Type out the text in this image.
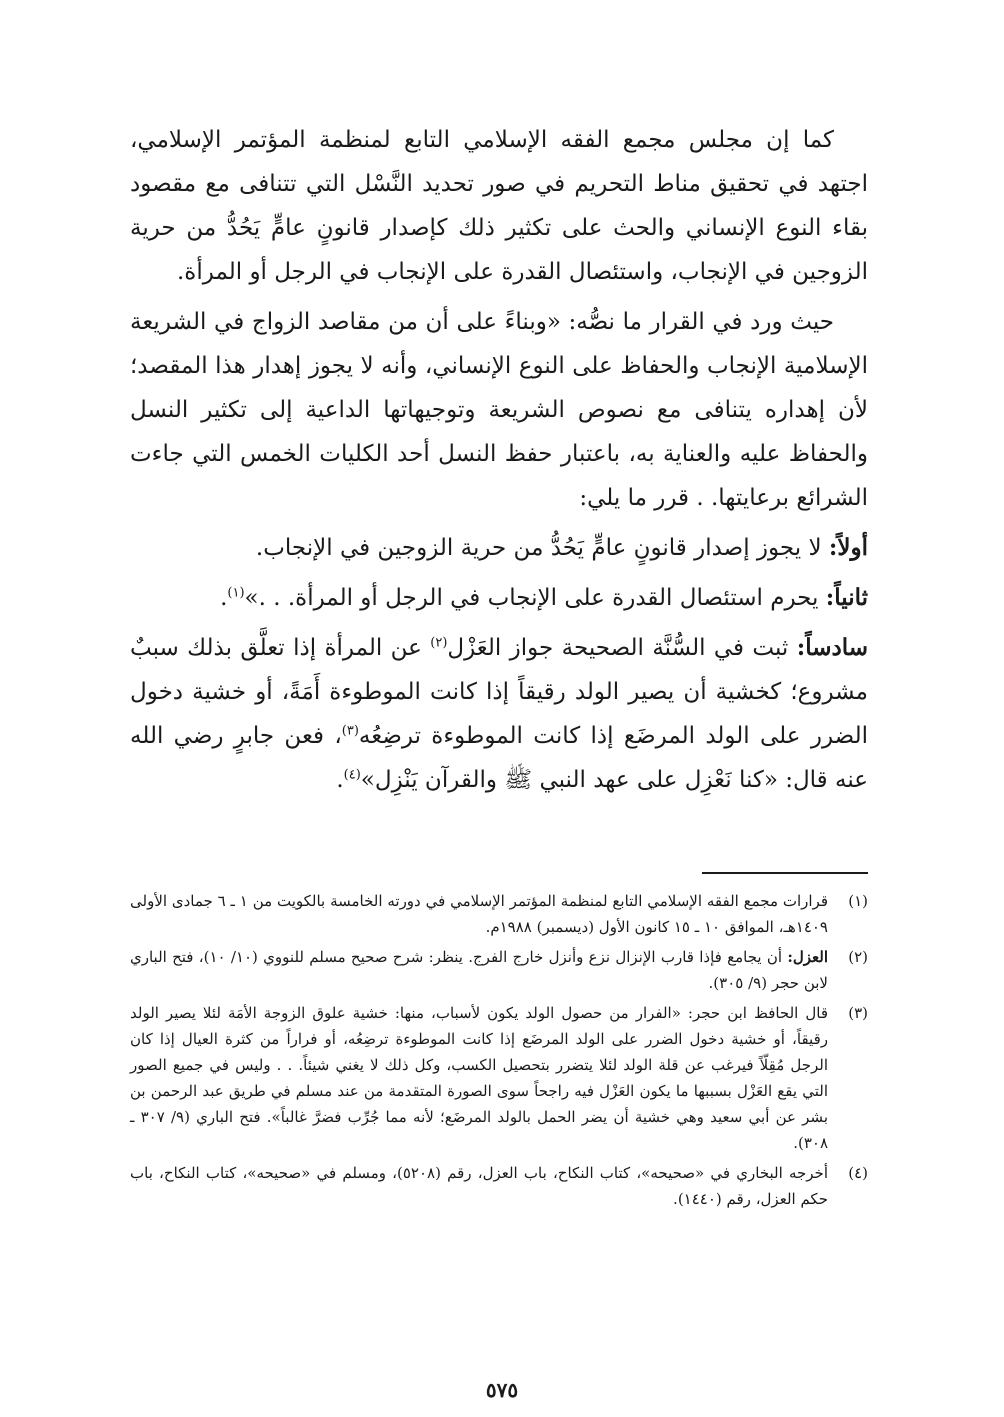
كما إن مجلس مجمع الفقه الإسلامي التابع لمنظمة المؤتمر الإسلامي، اجتهد في تحقيق مناط التحريم في صور تحديد النَّسْل التي تتنافى مع مقصود بقاء النوع الإنساني والحث على تكثير ذلك كإصدار قانونٍ عامٍّ يَحُدُّ من حرية الزوجين في الإنجاب، واستئصال القدرة على الإنجاب في الرجل أو المرأة.

حيث ورد في القرار ما نصُّه: «وبناءً على أن من مقاصد الزواج في الشريعة الإسلامية الإنجاب والحفاظ على النوع الإنساني، وأنه لا يجوز إهدار هذا المقصد؛ لأن إهداره يتنافى مع نصوص الشريعة وتوجيهاتها الداعية إلى تكثير النسل والحفاظ عليه والعناية به، باعتبار حفظ النسل أحد الكليات الخمس التي جاءت الشرائع برعايتها. . قرر ما يلي:

أولاً: لا يجوز إصدار قانونٍ عامٍّ يَحُدُّ من حرية الزوجين في الإنجاب.

ثانياً: يحرم استئصال القدرة على الإنجاب في الرجل أو المرأة. . .»$^{(١)}$.

سادساً: ثبت في السُّنَّة الصحيحة جواز العَزْل$^{(٢)}$ عن المرأة إذا تعلَّق بذلك سببٌ مشروع؛ كخشية أن يصير الولد رقيقاً إذا كانت الموطوءة أَمَةً، أو خشية دخول الضرر على الولد المرضَع إذا كانت الموطوءة ترضِعُه$^{(٣)}$، فعن جابرٍ رضي الله عنه قال: «كنا نَعْزِل على عهد النبي ﷺ والقرآن يَنْزِل»$^{(٤)}$.

(١)
قرارات مجمع الفقه الإسلامي التابع لمنظمة المؤتمر الإسلامي في دورته الخامسة بالكويت من ١ ـ ٦ جمادى الأولى ١٤٠٩هـ، الموافق ١٠ ـ ١٥ كانون الأول (ديسمبر) ١٩٨٨م.
(٢)
العزل: أن يجامع فإذا قارب الإنزال نزع وأنزل خارج الفرج. ينظر: شرح صحيح مسلم للنووي (١٠/ ١٠)، فتح الباري لابن حجر (٩/ ٣٠٥).
(٣)
قال الحافظ ابن حجر: «الفرار من حصول الولد يكون لأسباب، منها: خشية علوق الزوجة الأمَة لئلا يصير الولد رقيقاً، أو خشية دخول الضرر على الولد المرضَع إذا كانت الموطوءة ترضِعُه، أو فراراً من كثرة العيال إذا كان الرجل مُقِلّاً فيرغب عن قلة الولد لئلا يتضرر بتحصيل الكسب، وكل ذلك لا يغني شيئاً. . . وليس في جميع الصور التي يقع العَزْل بسببها ما يكون العَزْل فيه راجحاً سوى الصورة المتقدمة من عند مسلم في طريق عبد الرحمن بن بشر عن أبي سعيد وهي خشية أن يضر الحمل بالولد المرضَع؛ لأنه مما جُرِّب فضرَّ غالباً». فتح الباري (٩/ ٣٠٧ ـ ٣٠٨).
(٤)
أخرجه البخاري في «صحيحه»، كتاب النكاح، باب العزل، رقم (٥٢٠٨)، ومسلم في «صحيحه»، كتاب النكاح، باب حكم العزل، رقم (١٤٤٠).
٥٧٥
